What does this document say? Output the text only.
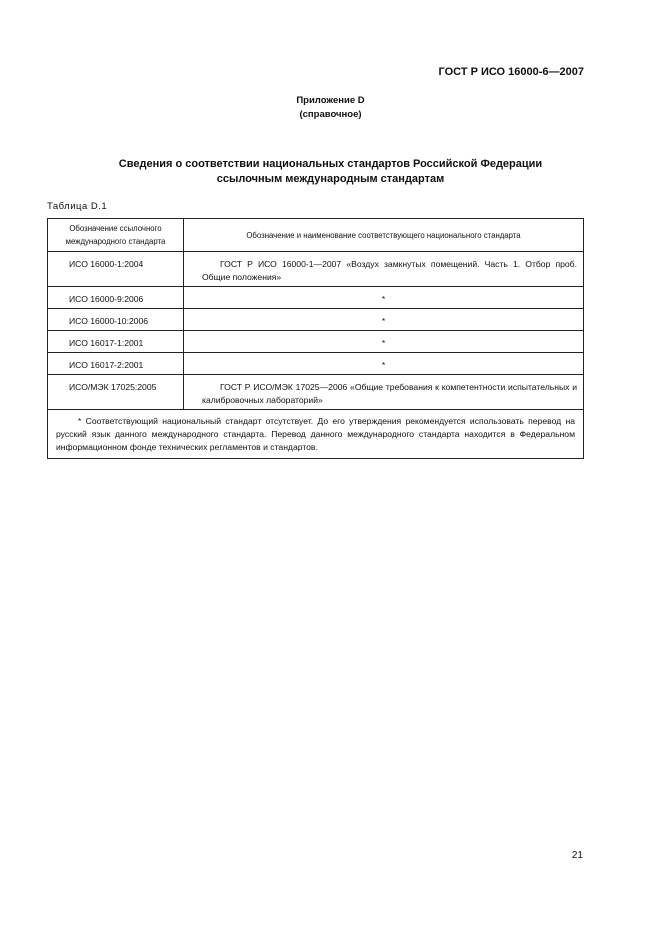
ГОСТ Р ИСО 16000-6—2007
Приложение D
(справочное)
Сведения о соответствии национальных стандартов Российской Федерации
ссылочным международным стандартам
Таблица D.1
Обозначение ссылочного международного стандарта	Обозначение и наименование соответствующего национального стандарта
ИСО 16000-1:2004	ГОСТ Р ИСО 16000-1—2007 «Воздух замкнутых помещений. Часть 1. Отбор проб. Общие положения»
ИСО 16000-9:2006	*
ИСО 16000-10:2006	*
ИСО 16017-1:2001	*
ИСО 16017-2:2001	*
ИСО/МЭК 17025:2005	ГОСТ Р ИСО/МЭК 17025—2006 «Общие требования к компетентности испытательных и калибровочных лабораторий»
* Соответствующий национальный стандарт отсутствует. До его утверждения рекомендуется использовать перевод на русский язык данного международного стандарта. Перевод данного международного стандарта находится в Федеральном информационном фонде технических регламентов и стандартов.	
21
